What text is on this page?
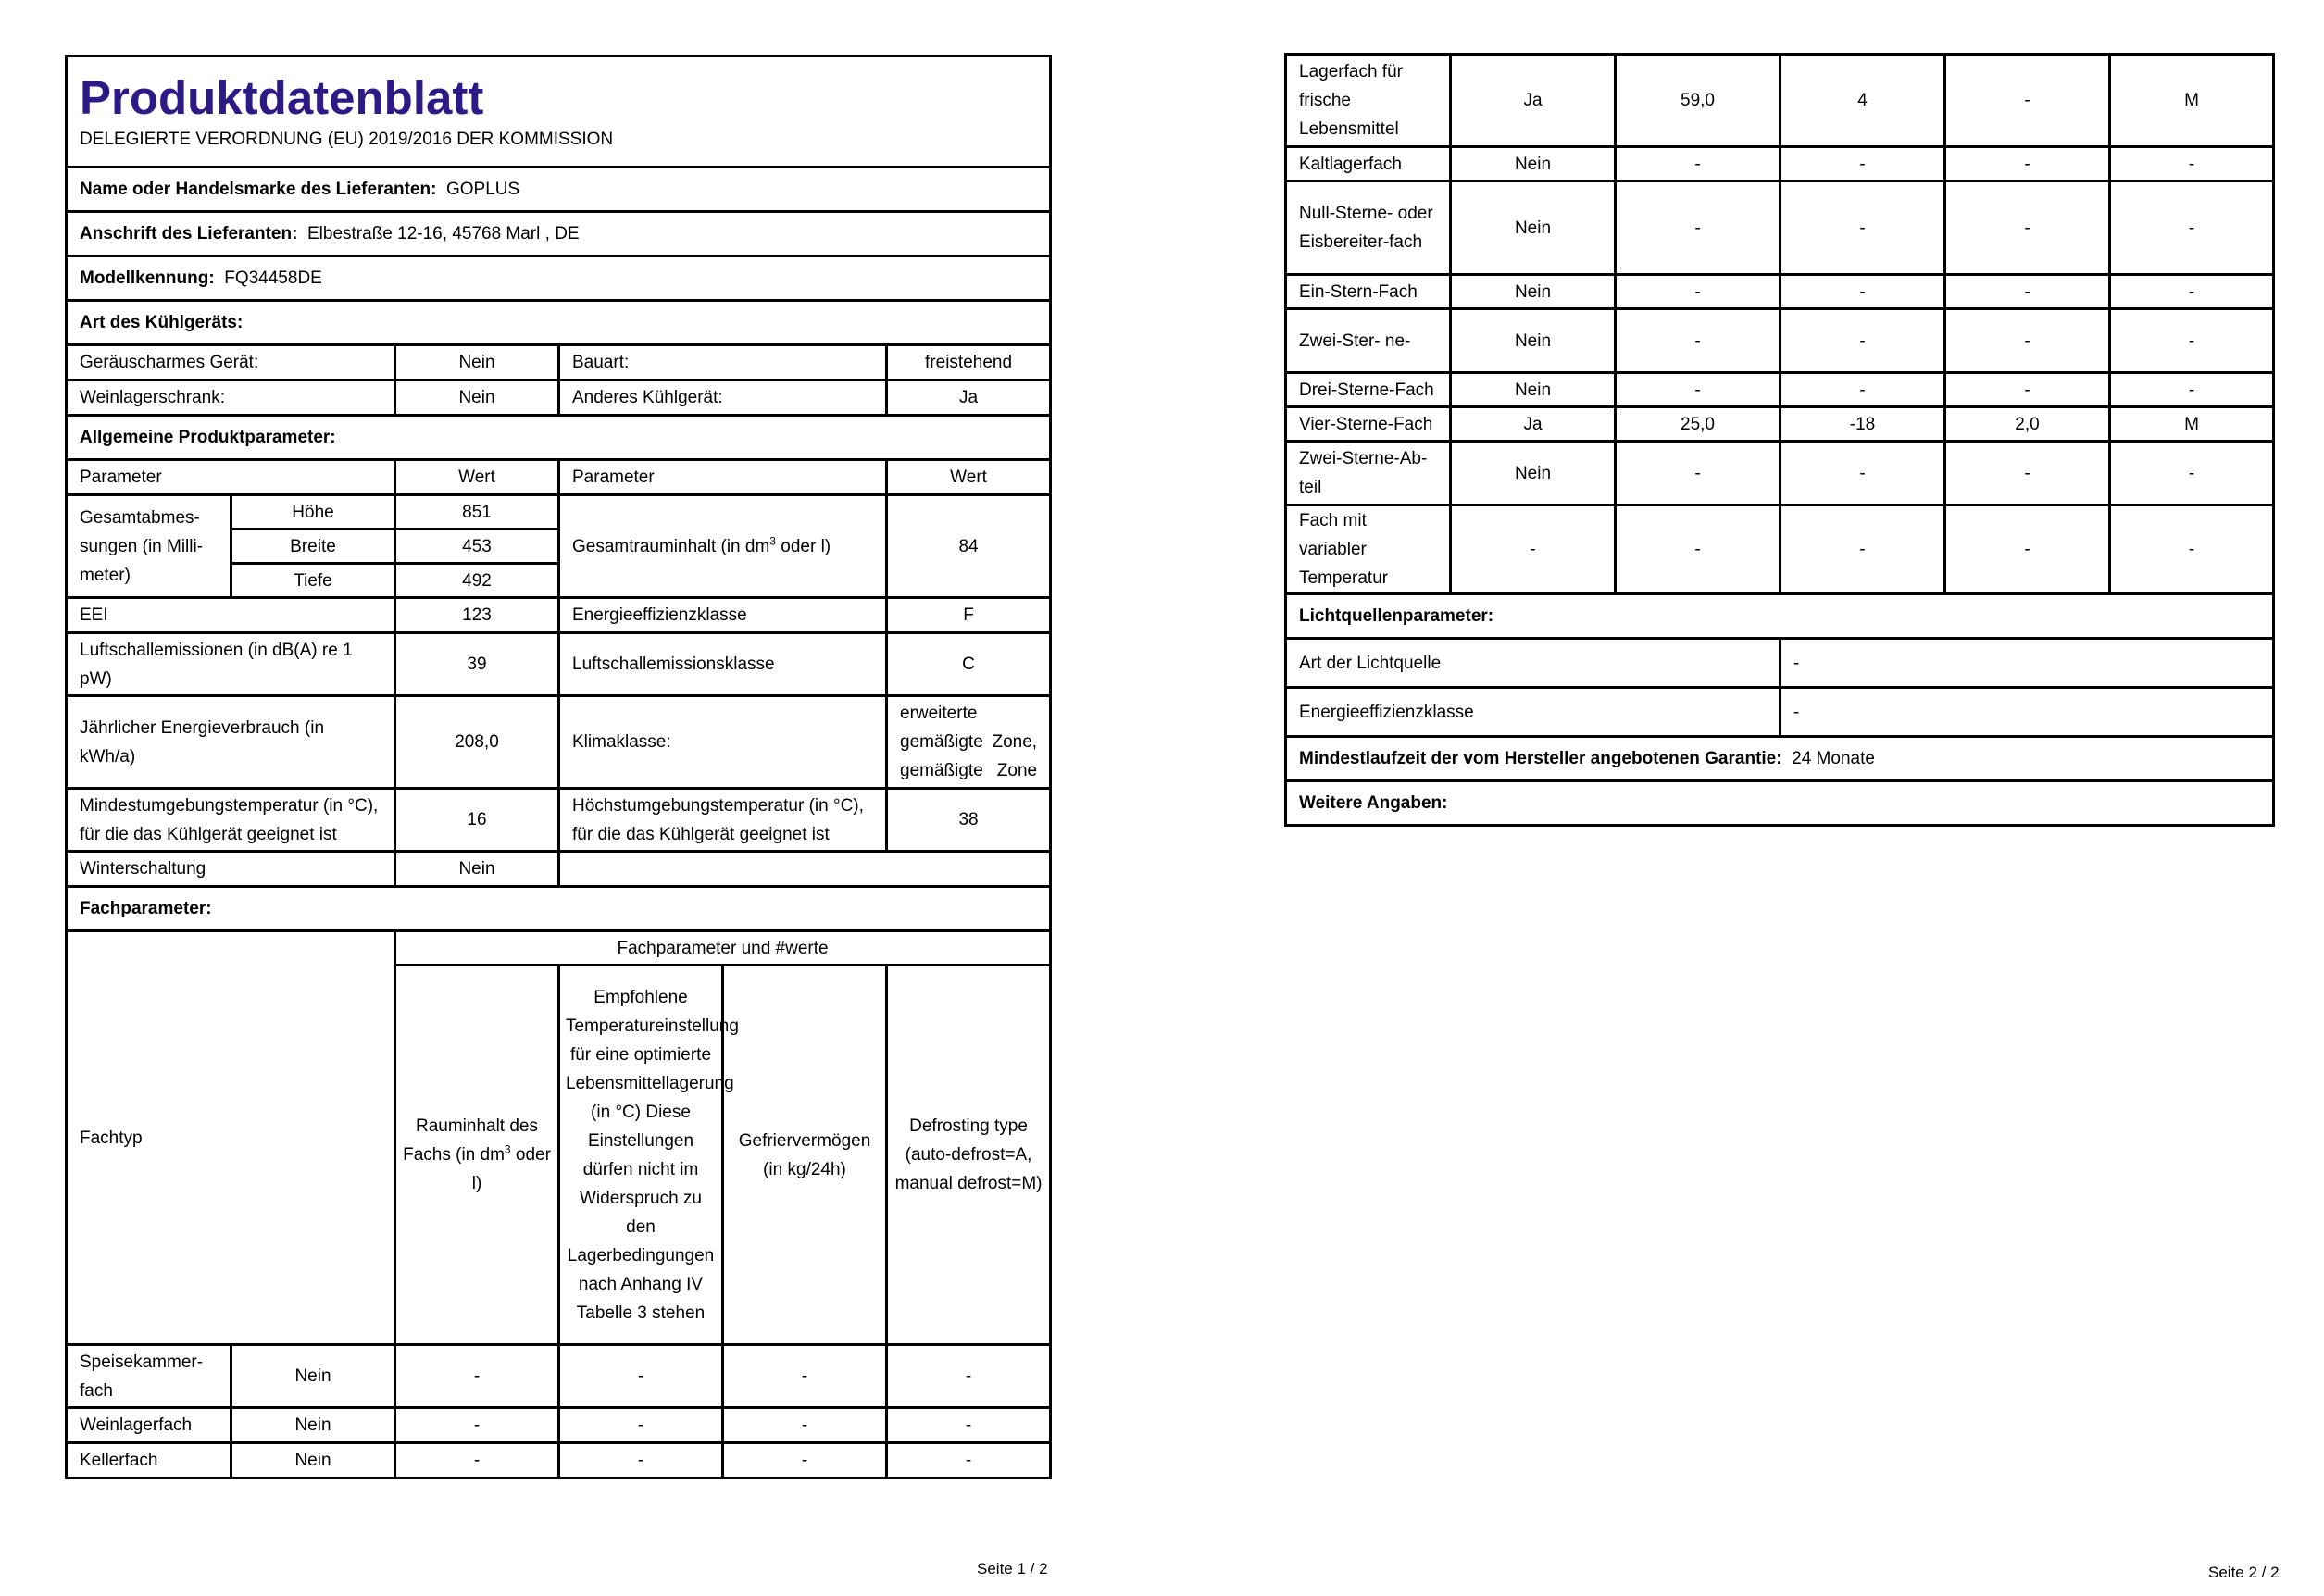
Produktdatenblatt
DELEGIERTE VERORDNUNG (EU) 2019/2016 DER KOMMISSION					

Name oder Handelsmarke des Lieferanten: GOPLUS					
Anschrift des Lieferanten: Elbestraße 12-16, 45768 Marl , DE					
Modellkennung: FQ34458DE					
Art des Kühlgeräts:					
Geräuscharmes Gerät:		Nein	Bauart:		freistehend
Weinlagerschrank:		Nein	Anderes Kühlgerät:		Ja
Allgemeine Produktparameter:					
Parameter		Wert	Parameter		Wert
Gesamtabmes-sungen (in Milli-meter)	Höhe	851	Gesamtrauminhalt (in $dm^3$ oder l)		84
	Breite	453			
	Tiefe	492			
EEI		123	Energieeffizienzklasse		F
Luftschallemissionen (in dB(A) re 1 pW)		39	Luftschallemissionsklasse		C
Jährlicher Energieverbrauch (in kWh/a)		208,0	Klimaklasse:		erweiterte gemäßigte Zone, gemäßigte Zone
Mindestumgebungstemperatur (in °C), für die das Kühlgerät geeignet ist		16	Höchstumgebungstemperatur (in °C), für die das Kühlgerät geeignet ist		38
Winterschaltung		Nein			
Fachparameter:					
Fachtyp		Fachparameter und #werte			
		Rauminhalt des Fachs (in $dm^3$ oder l)	Empfohlene Temperatureinstellung für eine optimierte Lebensmittellagerung (in °C) Diese Einstellungen dürfen nicht im Widerspruch zu den Lagerbedingungen nach Anhang IV Tabelle 3 stehen	Gefriervermögen (in kg/24h)	Defrosting type (auto-defrost=A, manual defrost=M)
Speisekammer-fach	Nein	-	-	-	-
Weinlagerfach	Nein	-	-	-	-
Kellerfach	Nein	-	-	-	-
Seite 1 / 2
Lagerfach für frische Lebensmittel	Ja	59,0	4	-	M
Kaltlagerfach	Nein	-	-	-	-
Null-Sterne- oder Eisbereiter-fach	Nein	-	-	-	-
Ein-Stern-Fach	Nein	-	-	-	-
Zwei-Ster- ne-	Nein	-	-	-	-
Drei-Sterne-Fach	Nein	-	-	-	-
Vier-Sterne-Fach	Ja	25,0	-18	2,0	M
Zwei-Sterne-Ab- teil	Nein	-	-	-	-
Fach mit variabler Temperatur	-	-	-	-	-
Lichtquellenparameter:					
Art der Lichtquelle			-		
Energieeffizienzklasse			-		
Mindestlaufzeit der vom Hersteller angebotenen Garantie: 24 Monate					
Weitere Angaben:					
Seite 2 / 2
